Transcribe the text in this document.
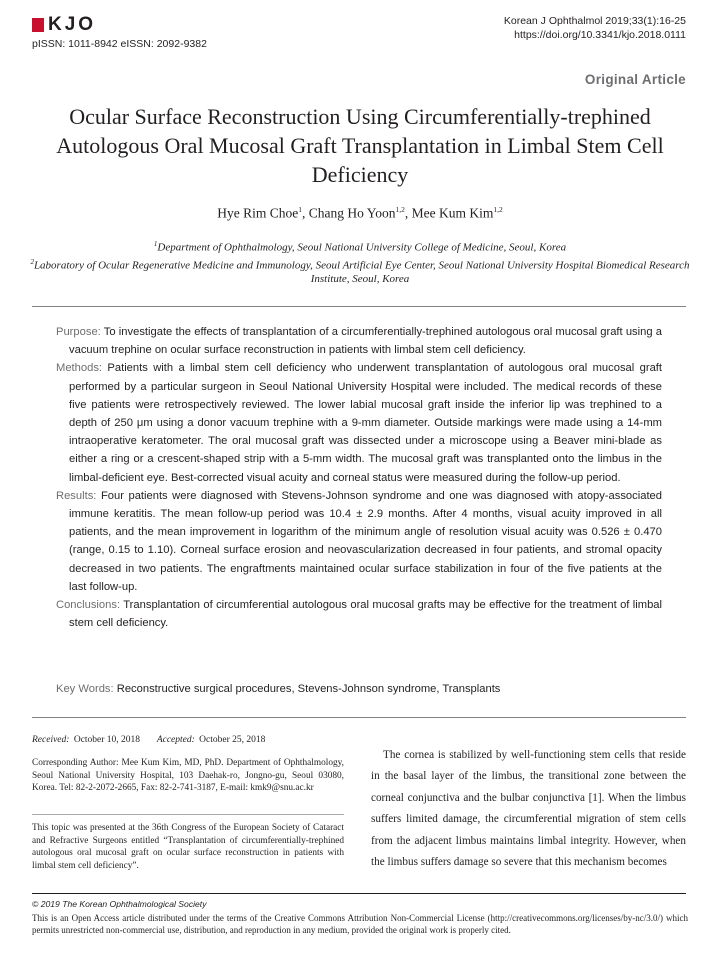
KJO
pISSN: 1011-8942 eISSN: 2092-9382
Korean J Ophthalmol 2019;33(1):16-25
https://doi.org/10.3341/kjo.2018.0111
Original Article
Ocular Surface Reconstruction Using Circumferentially-trephined Autologous Oral Mucosal Graft Transplantation in Limbal Stem Cell Deficiency
Hye Rim Choe$^1$, Chang Ho Yoon$^{1,2}$, Mee Kum Kim$^{1,2}$
$^1$Department of Ophthalmology, Seoul National University College of Medicine, Seoul, Korea
$^2$Laboratory of Ocular Regenerative Medicine and Immunology, Seoul Artificial Eye Center, Seoul National University Hospital Biomedical Research Institute, Seoul, Korea

Purpose: To investigate the effects of transplantation of a circumferentially-trephined autologous oral mucosal graft using a vacuum trephine on ocular surface reconstruction in patients with limbal stem cell deficiency.

Methods: Patients with a limbal stem cell deficiency who underwent transplantation of autologous oral mucosal graft performed by a particular surgeon in Seoul National University Hospital were included. The medical records of these five patients were retrospectively reviewed. The lower labial mucosal graft inside the inferior lip was trephined to a depth of 250 μm using a donor vacuum trephine with a 9-mm diameter. Outside markings were made using a 14-mm intraoperative keratometer. The oral mucosal graft was dissected under a microscope using a Beaver mini-blade as either a ring or a crescent-shaped strip with a 5-mm width. The mucosal graft was transplanted onto the limbus in the limbal-deficient eye. Best-corrected visual acuity and corneal status were measured during the follow-up period.

Results: Four patients were diagnosed with Stevens-Johnson syndrome and one was diagnosed with atopy-associated immune keratitis. The mean follow-up period was 10.4 ± 2.9 months. After 4 months, visual acuity improved in all patients, and the mean improvement in logarithm of the minimum angle of resolution visual acuity was 0.526 ± 0.470 (range, 0.15 to 1.10). Corneal surface erosion and neovascularization decreased in four patients, and stromal opacity decreased in two patients. The engraftments maintained ocular surface stabilization in four of the five patients at the last follow-up.

Conclusions: Transplantation of circumferential autologous oral mucosal grafts may be effective for the treatment of limbal stem cell deficiency.

Key Words: Reconstructive surgical procedures, Stevens-Johnson syndrome, Transplants
Received: October 10, 2018 Accepted: October 25, 2018
Corresponding Author: Mee Kum Kim, MD, PhD. Department of Ophthalmology, Seoul National University Hospital, 103 Daehak-ro, Jongno-gu, Seoul 03080, Korea. Tel: 82-2-2072-2665, Fax: 82-2-741-3187, E-mail: kmk9@snu.ac.kr
This topic was presented at the 36th Congress of the European Society of Cataract and Refractive Surgeons entitled “Transplantation of circumferentially-trephined autologous oral mucosal graft on ocular surface reconstruction in patients with limbal stem cell deficiency”.

The cornea is stabilized by well-functioning stem cells that reside in the basal layer of the limbus, the transitional zone between the corneal conjunctiva and the bulbar conjunctiva [1]. When the limbus suffers limited damage, the circumferential migration of stem cells from the adjacent limbus maintains limbal integrity. However, when the limbus suffers damage so severe that this mechanism becomes

© 2019 The Korean Ophthalmological Society
This is an Open Access article distributed under the terms of the Creative Commons Attribution Non-Commercial License (http://creativecommons.org/licenses/by-nc/3.0/) which permits unrestricted non-commercial use, distribution, and reproduction in any medium, provided the original work is properly cited.
